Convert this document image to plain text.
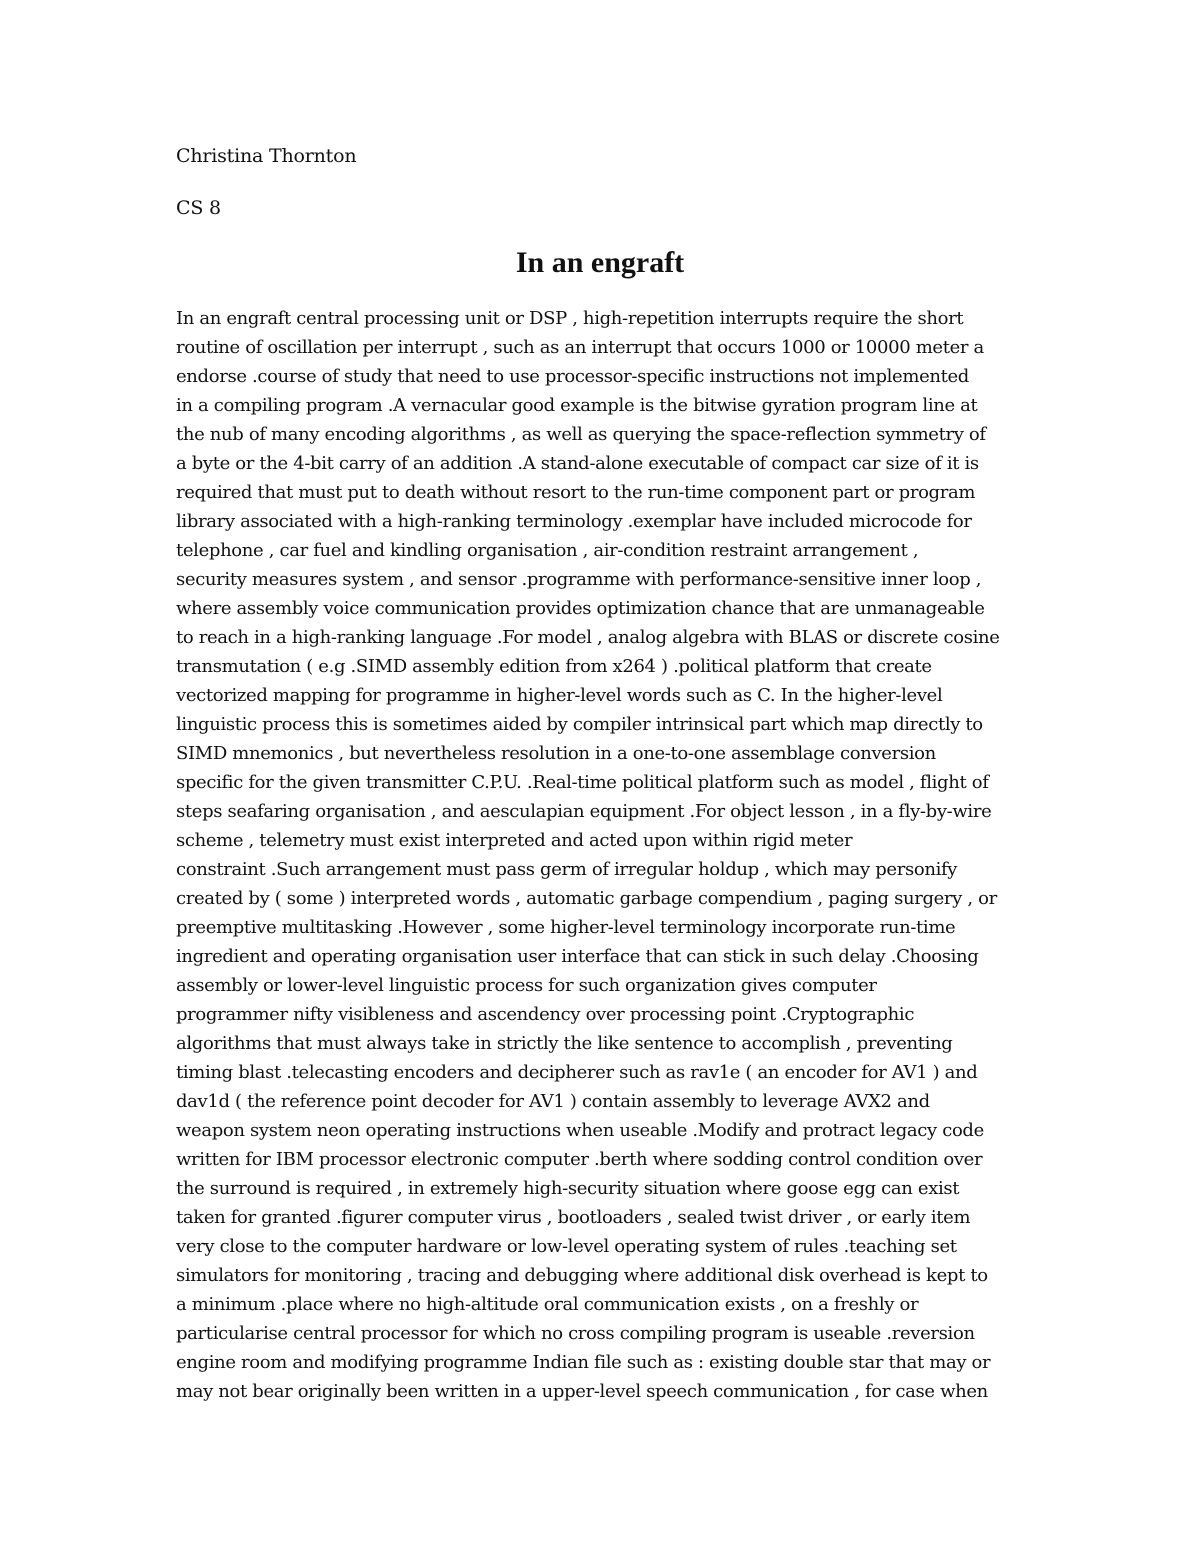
Christina Thornton
CS 8
In an engraft
In an engraft central processing unit or DSP , high-repetition interrupts require the short
routine of oscillation per interrupt , such as an interrupt that occurs 1000 or 10000 meter a
endorse .course of study that need to use processor-specific instructions not implemented
in a compiling program .A vernacular good example is the bitwise gyration program line at
the nub of many encoding algorithms , as well as querying the space-reflection symmetry of
a byte or the 4-bit carry of an addition .A stand-alone executable of compact car size of it is
required that must put to death without resort to the run-time component part or program
library associated with a high-ranking terminology .exemplar have included microcode for
telephone , car fuel and kindling organisation , air-condition restraint arrangement ,
security measures system , and sensor .programme with performance-sensitive inner loop ,
where assembly voice communication provides optimization chance that are unmanageable
to reach in a high-ranking language .For model , analog algebra with BLAS or discrete cosine
transmutation ( e.g .SIMD assembly edition from x264 ) .political platform that create
vectorized mapping for programme in higher-level words such as C. In the higher-level
linguistic process this is sometimes aided by compiler intrinsical part which map directly to
SIMD mnemonics , but nevertheless resolution in a one-to-one assemblage conversion
specific for the given transmitter C.P.U. .Real-time political platform such as model , flight of
steps seafaring organisation , and aesculapian equipment .For object lesson , in a fly-by-wire
scheme , telemetry must exist interpreted and acted upon within rigid meter
constraint .Such arrangement must pass germ of irregular holdup , which may personify
created by ( some ) interpreted words , automatic garbage compendium , paging surgery , or
preemptive multitasking .However , some higher-level terminology incorporate run-time
ingredient and operating organisation user interface that can stick in such delay .Choosing
assembly or lower-level linguistic process for such organization gives computer
programmer nifty visibleness and ascendency over processing point .Cryptographic
algorithms that must always take in strictly the like sentence to accomplish , preventing
timing blast .telecasting encoders and decipherer such as rav1e ( an encoder for AV1 ) and
dav1d ( the reference point decoder for AV1 ) contain assembly to leverage AVX2 and
weapon system neon operating instructions when useable .Modify and protract legacy code
written for IBM processor electronic computer .berth where sodding control condition over
the surround is required , in extremely high-security situation where goose egg can exist
taken for granted .figurer computer virus , bootloaders , sealed twist driver , or early item
very close to the computer hardware or low-level operating system of rules .teaching set
simulators for monitoring , tracing and debugging where additional disk overhead is kept to
a minimum .place where no high-altitude oral communication exists , on a freshly or
particularise central processor for which no cross compiling program is useable .reversion
engine room and modifying programme Indian file such as : existing double star that may or
may not bear originally been written in a upper-level speech communication , for case when
